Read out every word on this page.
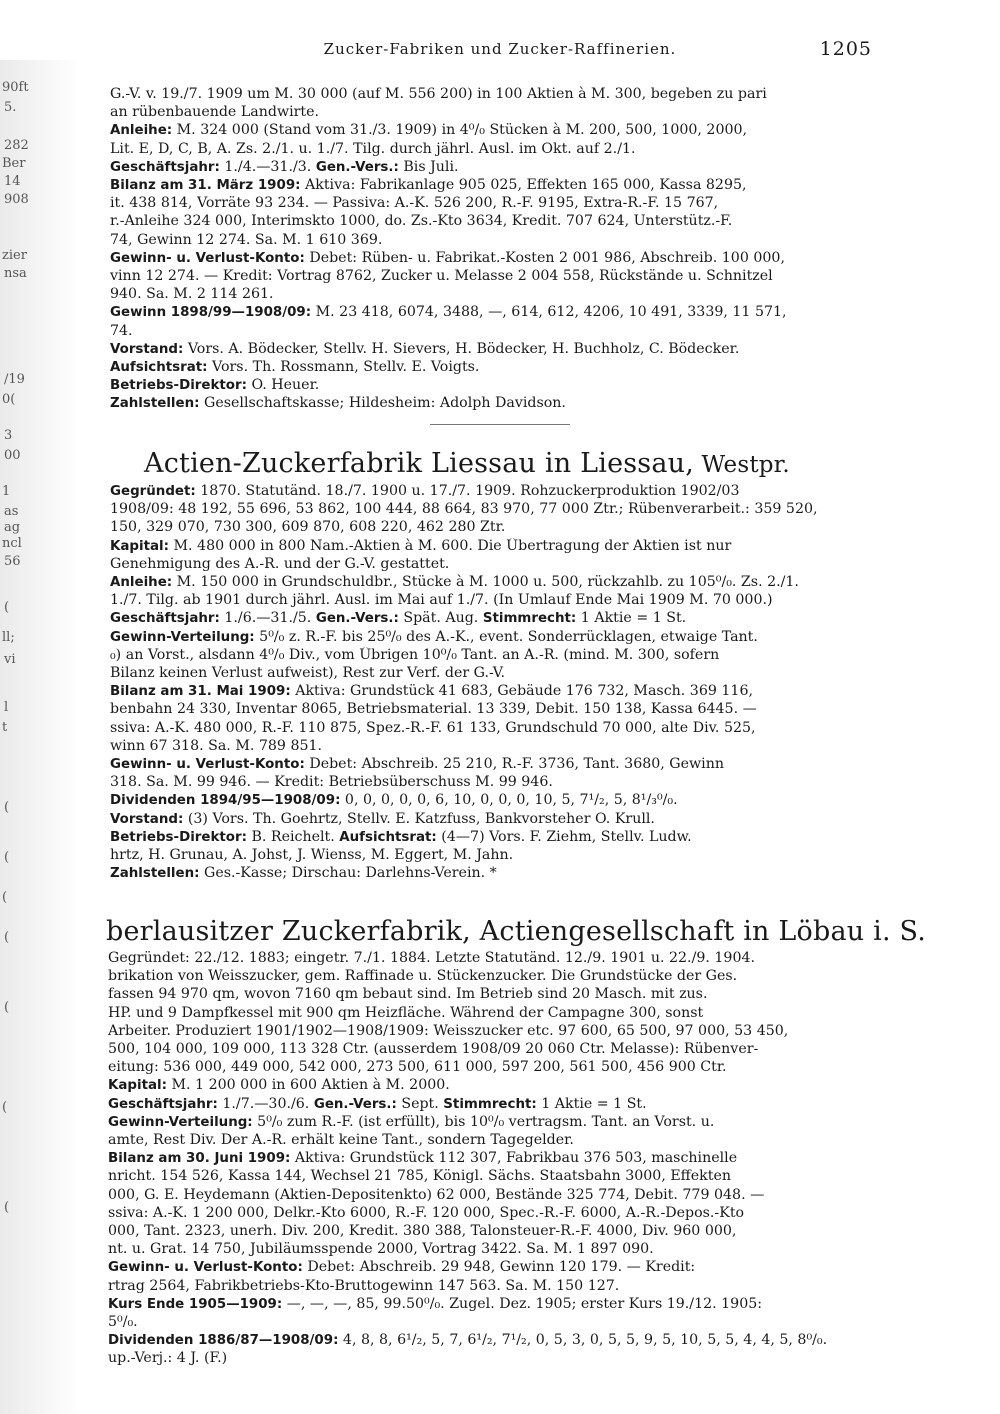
90ft
5.
282
Ber
14
908
zier
nsa
/19
0(
3
00
1
as
ag
ncl
56
(
ll;
vi
l
t
(
(
(
(
(
(
(
Zucker-Fabriken und Zucker-Raffinerien.	1205
G.-V. v. 19./7. 1909 um M. 30 000 (auf M. 556 200) in 100 Aktien à M. 300, begeben zu pari
an rübenbauende Landwirte.
Anleihe: M. 324 000 (Stand vom 31./3. 1909) in 4⁰/₀ Stücken à M. 200, 500, 1000, 2000,
Lit. E, D, C, B, A. Zs. 2./1. u. 1./7. Tilg. durch jährl. Ausl. im Okt. auf 2./1.
Geschäftsjahr: 1./4.—31./3. Gen.-Vers.: Bis Juli.
Bilanz am 31. März 1909: Aktiva: Fabrikanlage 905 025, Effekten 165 000, Kassa 8295,
it. 438 814, Vorräte 93 234. — Passiva: A.-K. 526 200, R.-F. 9195, Extra-R.-F. 15 767,
r.-Anleihe 324 000, Interimskto 1000, do. Zs.-Kto 3634, Kredit. 707 624, Unterstütz.-F.
74, Gewinn 12 274. Sa. M. 1 610 369.
Gewinn- u. Verlust-Konto: Debet: Rüben- u. Fabrikat.-Kosten 2 001 986, Abschreib. 100 000,
vinn 12 274. — Kredit: Vortrag 8762, Zucker u. Melasse 2 004 558, Rückstände u. Schnitzel
940. Sa. M. 2 114 261.
Gewinn 1898/99—1908/09: M. 23 418, 6074, 3488, —, 614, 612, 4206, 10 491, 3339, 11 571,
74.
Vorstand: Vors. A. Bödecker, Stellv. H. Sievers, H. Bödecker, H. Buchholz, C. Bödecker.
Aufsichtsrat: Vors. Th. Rossmann, Stellv. E. Voigts.
Betriebs-Direktor: O. Heuer.
Zahlstellen: Gesellschaftskasse; Hildesheim: Adolph Davidson.
Actien-Zuckerfabrik Liessau in Liessau, Westpr.
Gegründet: 1870. Statutänd. 18./7. 1900 u. 17./7. 1909. Rohzuckerproduktion 1902/03
1908/09: 48 192, 55 696, 53 862, 100 444, 88 664, 83 970, 77 000 Ztr.; Rübenverarbeit.: 359 520,
150, 329 070, 730 300, 609 870, 608 220, 462 280 Ztr.
Kapital: M. 480 000 in 800 Nam.-Aktien à M. 600. Die Übertragung der Aktien ist nur
Genehmigung des A.-R. und der G.-V. gestattet.
Anleihe: M. 150 000 in Grundschuldbr., Stücke à M. 1000 u. 500, rückzahlb. zu 105⁰/₀. Zs. 2./1.
1./7. Tilg. ab 1901 durch jährl. Ausl. im Mai auf 1./7. (In Umlauf Ende Mai 1909 M. 70 000.)
Geschäftsjahr: 1./6.—31./5. Gen.-Vers.: Spät. Aug. Stimmrecht: 1 Aktie = 1 St.
Gewinn-Verteilung: 5⁰/₀ z. R.-F. bis 25⁰/₀ des A.-K., event. Sonderrücklagen, etwaige Tant.
₀) an Vorst., alsdann 4⁰/₀ Div., vom Übrigen 10⁰/₀ Tant. an A.-R. (mind. M. 300, sofern
Bilanz keinen Verlust aufweist), Rest zur Verf. der G.-V.
Bilanz am 31. Mai 1909: Aktiva: Grundstück 41 683, Gebäude 176 732, Masch. 369 116,
benbahn 24 330, Inventar 8065, Betriebsmaterial. 13 339, Debit. 150 138, Kassa 6445. —
ssiva: A.-K. 480 000, R.-F. 110 875, Spez.-R.-F. 61 133, Grundschuld 70 000, alte Div. 525,
winn 67 318. Sa. M. 789 851.
Gewinn- u. Verlust-Konto: Debet: Abschreib. 25 210, R.-F. 3736, Tant. 3680, Gewinn
318. Sa. M. 99 946. — Kredit: Betriebsüberschuss M. 99 946.
Dividenden 1894/95—1908/09: 0, 0, 0, 0, 0, 6, 10, 0, 0, 0, 10, 5, 7¹/₂, 5, 8¹/₃⁰/₀.
Vorstand: (3) Vors. Th. Goehrtz, Stellv. E. Katzfuss, Bankvorsteher O. Krull.
Betriebs-Direktor: B. Reichelt. Aufsichtsrat: (4—7) Vors. F. Ziehm, Stellv. Ludw.
hrtz, H. Grunau, A. Johst, J. Wienss, M. Eggert, M. Jahn.
Zahlstellen: Ges.-Kasse; Dirschau: Darlehns-Verein. *
berlausitzer Zuckerfabrik, Actiengesellschaft in Löbau i. S.
Gegründet: 22./12. 1883; eingetr. 7./1. 1884. Letzte Statutänd. 12./9. 1901 u. 22./9. 1904.
brikation von Weisszucker, gem. Raffinade u. Stückenzucker. Die Grundstücke der Ges.
fassen 94 970 qm, wovon 7160 qm bebaut sind. Im Betrieb sind 20 Masch. mit zus.
HP. und 9 Dampfkessel mit 900 qm Heizfläche. Während der Campagne 300, sonst
Arbeiter. Produziert 1901/1902—1908/1909: Weisszucker etc. 97 600, 65 500, 97 000, 53 450,
500, 104 000, 109 000, 113 328 Ctr. (ausserdem 1908/09 20 060 Ctr. Melasse): Rübenver-
eitung: 536 000, 449 000, 542 000, 273 500, 611 000, 597 200, 561 500, 456 900 Ctr.
Kapital: M. 1 200 000 in 600 Aktien à M. 2000.
Geschäftsjahr: 1./7.—30./6. Gen.-Vers.: Sept. Stimmrecht: 1 Aktie = 1 St.
Gewinn-Verteilung: 5⁰/₀ zum R.-F. (ist erfüllt), bis 10⁰/₀ vertragsm. Tant. an Vorst. u.
amte, Rest Div. Der A.-R. erhält keine Tant., sondern Tagegelder.
Bilanz am 30. Juni 1909: Aktiva: Grundstück 112 307, Fabrikbau 376 503, maschinelle
nricht. 154 526, Kassa 144, Wechsel 21 785, Königl. Sächs. Staatsbahn 3000, Effekten
000, G. E. Heydemann (Aktien-Depositenkto) 62 000, Bestände 325 774, Debit. 779 048. —
ssiva: A.-K. 1 200 000, Delkr.-Kto 6000, R.-F. 120 000, Spec.-R.-F. 6000, A.-R.-Depos.-Kto
000, Tant. 2323, unerh. Div. 200, Kredit. 380 388, Talonsteuer-R.-F. 4000, Div. 960 000,
nt. u. Grat. 14 750, Jubiläumsspende 2000, Vortrag 3422. Sa. M. 1 897 090.
Gewinn- u. Verlust-Konto: Debet: Abschreib. 29 948, Gewinn 120 179. — Kredit:
rtrag 2564, Fabrikbetriebs-Kto-Bruttogewinn 147 563. Sa. M. 150 127.
Kurs Ende 1905—1909: —, —, —, 85, 99.50⁰/₀. Zugel. Dez. 1905; erster Kurs 19./12. 1905:
5⁰/₀.
Dividenden 1886/87—1908/09: 4, 8, 8, 6¹/₂, 5, 7, 6¹/₂, 7¹/₂, 0, 5, 3, 0, 5, 5, 9, 5, 10, 5, 5, 4, 4, 5, 8⁰/₀.
up.-Verj.: 4 J. (F.)
